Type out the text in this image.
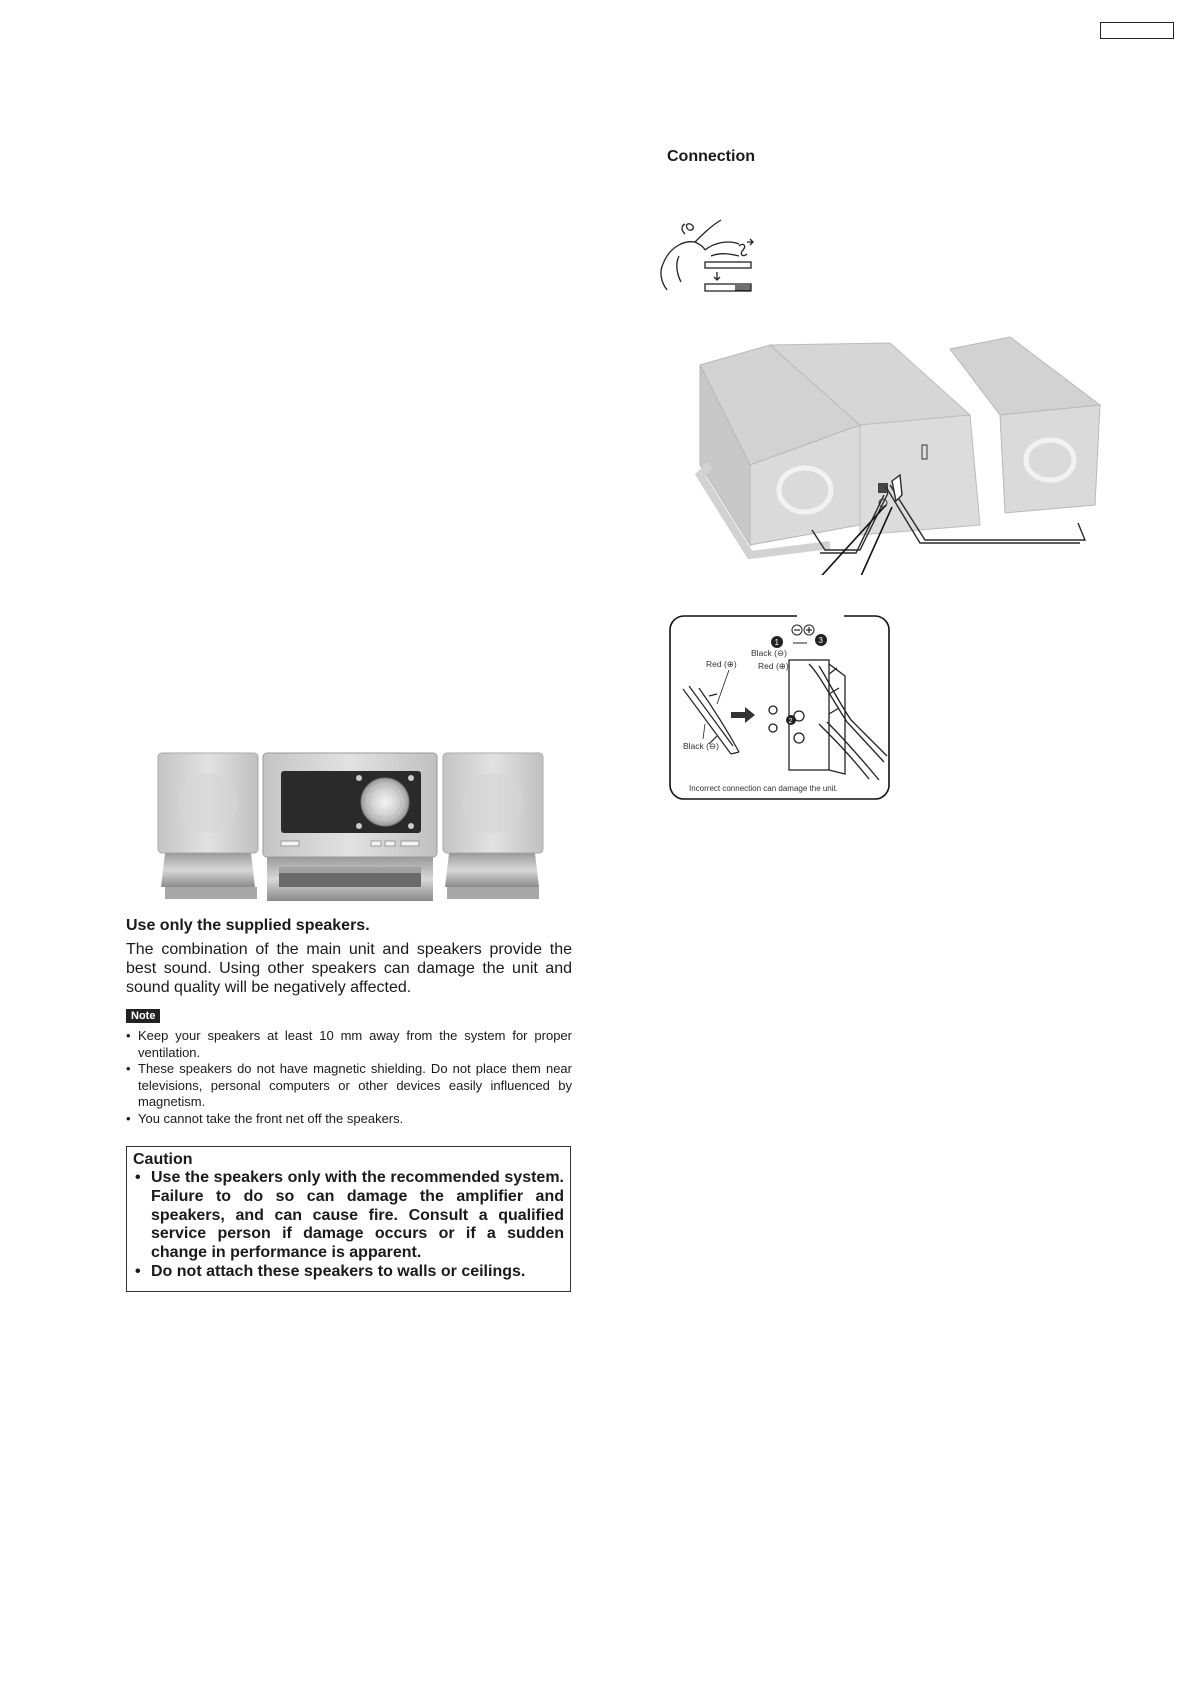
Connection
1	3
2
Black (⊖)
Red (⊕)
Red (⊕)
Black (⊖)
Incorrect connection can damage the unit.
Use only the supplied speakers.
The combination of the main unit and speakers provide the best sound. Using other speakers can damage the unit and sound quality will be negatively affected.
Note
• Keep your speakers at least 10 mm away from the system for proper ventilation.
• These speakers do not have magnetic shielding. Do not place them near televisions, personal computers or other devices easily influenced by magnetism.
• You cannot take the front net off the speakers.
Caution
• Use the speakers only with the recommended system. Failure to do so can damage the amplifier and speakers, and can cause fire. Consult a qualified service person if damage occurs or if a sudden change in performance is apparent.
• Do not attach these speakers to walls or ceilings.
